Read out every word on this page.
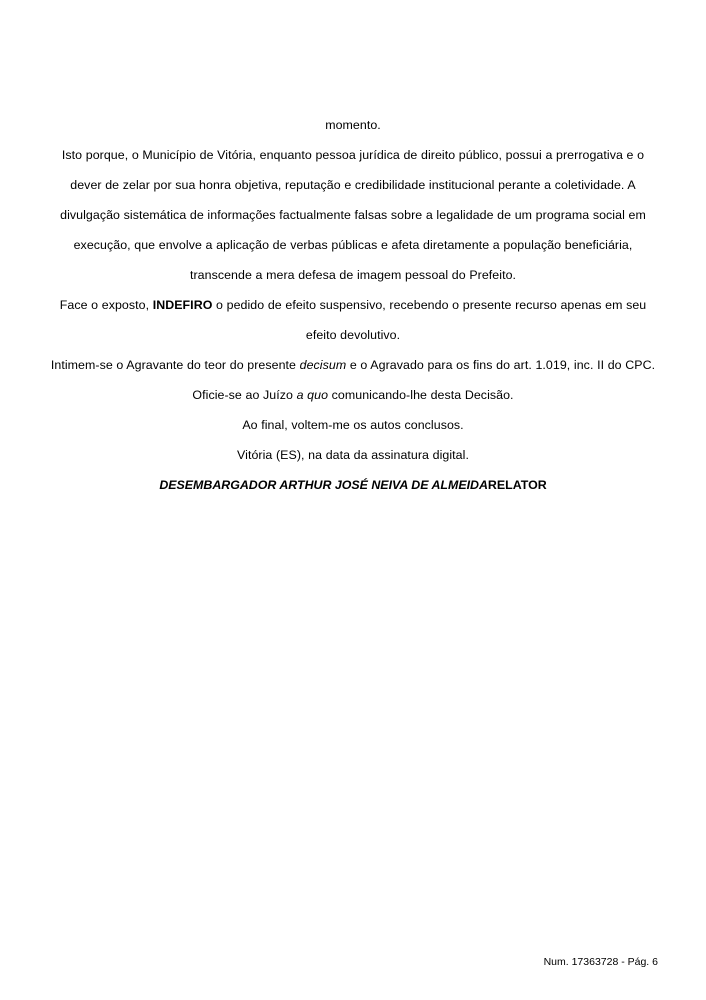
momento.

Isto porque, o Município de Vitória, enquanto pessoa jurídica de direito público, possui a prerrogativa e o dever de zelar por sua honra objetiva, reputação e credibilidade institucional perante a coletividade. A divulgação sistemática de informações factualmente falsas sobre a legalidade de um programa social em execução, que envolve a aplicação de verbas públicas e afeta diretamente a população beneficiária, transcende a mera defesa de imagem pessoal do Prefeito.

Face o exposto, INDEFIRO o pedido de efeito suspensivo, recebendo o presente recurso apenas em seu efeito devolutivo.

Intimem-se o Agravante do teor do presente decisum e o Agravado para os fins do art. 1.019, inc. II do CPC.

Oficie-se ao Juízo a quo comunicando-lhe desta Decisão.

Ao final, voltem-me os autos conclusos.

Vitória (ES), na data da assinatura digital.

DESEMBARGADOR ARTHUR JOSÉ NEIVA DE ALMEIDARELATOR

Num. 17363728 - Pág. 6
